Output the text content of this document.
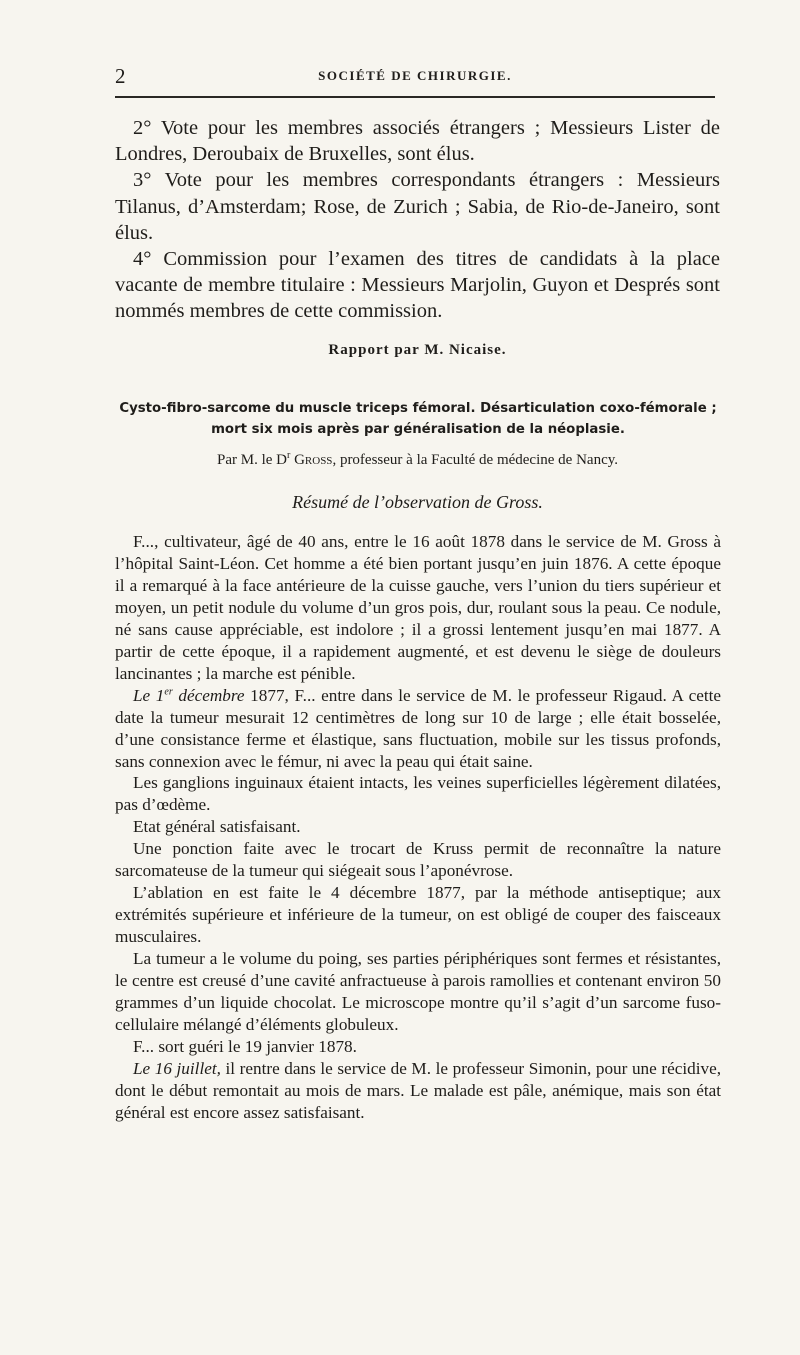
2	SOCIÉTÉ DE CHIRURGIE.

2° Vote pour les membres associés étrangers ; Messieurs Lister de Londres, Deroubaix de Bruxelles, sont élus.

3° Vote pour les membres correspondants étrangers : Messieurs Tilanus, d’Amsterdam; Rose, de Zurich ; Sabia, de Rio-de-Janeiro, sont élus.

4° Commission pour l’examen des titres de candidats à la place vacante de membre titulaire : Messieurs Marjolin, Guyon et Després sont nommés membres de cette commission.

Rapport par M. Nicaise.
Cysto-fibro-sarcome du muscle triceps fémoral. Désarticulation coxo-fémorale ; mort six mois après par généralisation de la néoplasie.
Par M. le $D^r$ Gross, professeur à la Faculté de médecine de Nancy.
Résumé de l’observation de Gross.

F..., cultivateur, âgé de 40 ans, entre le 16 août 1878 dans le service de M. Gross à l’hôpital Saint-Léon. Cet homme a été bien portant jusqu’en juin 1876. A cette époque il a remarqué à la face antérieure de la cuisse gauche, vers l’union du tiers supérieur et moyen, un petit nodule du volume d’un gros pois, dur, roulant sous la peau. Ce nodule, né sans cause appréciable, est indolore ; il a grossi lentement jusqu’en mai 1877. A partir de cette époque, il a rapidement augmenté, et est devenu le siège de douleurs lancinantes ; la marche est pénible.

Le 1er décembre 1877, F... entre dans le service de M. le professeur Rigaud. A cette date la tumeur mesurait 12 centimètres de long sur 10 de large ; elle était bosselée, d’une consistance ferme et élastique, sans fluctuation, mobile sur les tissus profonds, sans connexion avec le fémur, ni avec la peau qui était saine.

Les ganglions inguinaux étaient intacts, les veines superficielles légèrement dilatées, pas d’œdème.

Etat général satisfaisant.

Une ponction faite avec le trocart de Kruss permit de reconnaître la nature sarcomateuse de la tumeur qui siégeait sous l’aponévrose.

L’ablation en est faite le 4 décembre 1877, par la méthode antiseptique; aux extrémités supérieure et inférieure de la tumeur, on est obligé de couper des faisceaux musculaires.

La tumeur a le volume du poing, ses parties périphériques sont fermes et résistantes, le centre est creusé d’une cavité anfractueuse à parois ramollies et contenant environ 50 grammes d’un liquide chocolat. Le microscope montre qu’il s’agit d’un sarcome fuso-cellulaire mélangé d’éléments globuleux.

F... sort guéri le 19 janvier 1878.

Le 16 juillet, il rentre dans le service de M. le professeur Simonin, pour une récidive, dont le début remontait au mois de mars. Le malade est pâle, anémique, mais son état général est encore assez satisfaisant.
